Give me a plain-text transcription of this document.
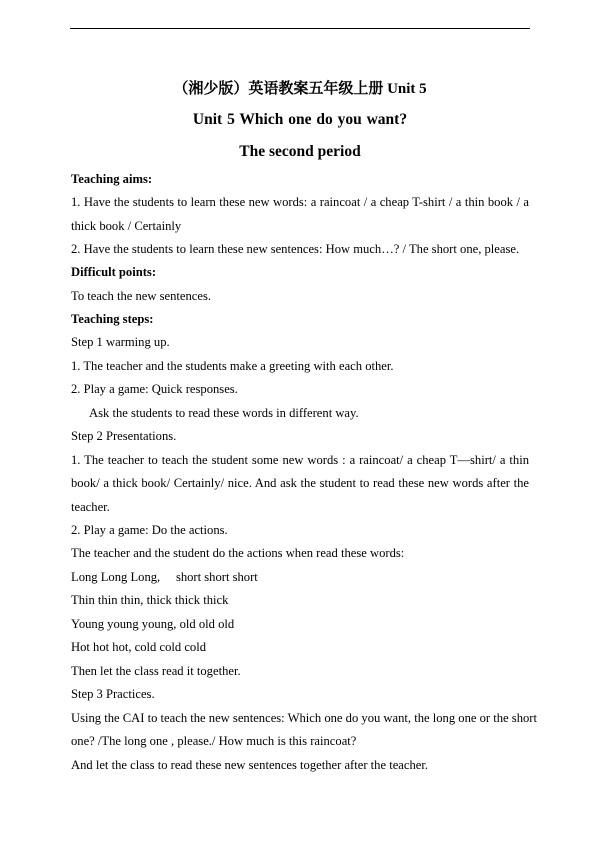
（湘少版）英语教案五年级上册 Unit 5
Unit 5 Which one do you want?
The second period
Teaching aims:
1. Have the students to learn these new words: a raincoat / a cheap T-shirt / a thin book / a
thick book / Certainly
2. Have the students to learn these new sentences: How much…? / The short one, please.
Difficult points:
To teach the new sentences.
Teaching steps:
Step 1 warming up.
1. The teacher and the students make a greeting with each other.
2. Play a game: Quick responses.
Ask the students to read these words in different way.
Step 2 Presentations.
1. The teacher to teach the student some new words : a raincoat/ a cheap T—shirt/ a thin
book/ a thick book/ Certainly/ nice. And ask the student to read these new words after the
teacher.
2. Play a game: Do the actions.
The teacher and the student do the actions when read these words:
Long Long Long,     short short short
Thin thin thin, thick thick thick
Young young young, old old old
Hot hot hot, cold cold cold
Then let the class read it together.
Step 3 Practices.
Using the CAI to teach the new sentences: Which one do you want, the long one or the short
one? /The long one , please./ How much is this raincoat?
And let the class to read these new sentences together after the teacher.
